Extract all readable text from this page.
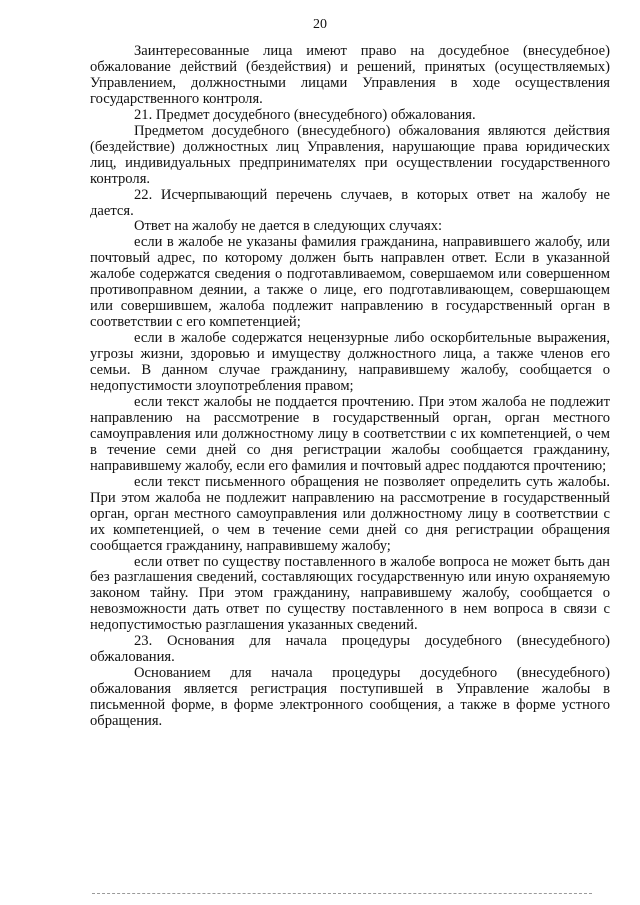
20

Заинтересованные лица имеют право на досудебное (внесудебное) обжалование действий (бездействия) и решений, принятых (осуществляемых) Управлением, должностными лицами Управления в ходе осуществления государственного контроля.

21. Предмет досудебного (внесудебного) обжалования.

Предметом досудебного (внесудебного) обжалования являются действия (бездействие) должностных лиц Управления, нарушающие права юридических лиц, индивидуальных предпринимателях при осуществлении государственного контроля.

22. Исчерпывающий перечень случаев, в которых ответ на жалобу не дается.

Ответ на жалобу не дается в следующих случаях:

если в жалобе не указаны фамилия гражданина, направившего жалобу, или почтовый адрес, по которому должен быть направлен ответ. Если в указанной жалобе содержатся сведения о подготавливаемом, совершаемом или совершенном противоправном деянии, а также о лице, его подготавливающем, совершающем или совершившем, жалоба подлежит направлению в государственный орган в соответствии с его компетенцией;

если в жалобе содержатся нецензурные либо оскорбительные выражения, угрозы жизни, здоровью и имуществу должностного лица, а также членов его семьи. В данном случае гражданину, направившему жалобу, сообщается о недопустимости злоупотребления правом;

если текст жалобы не поддается прочтению. При этом жалоба не подлежит направлению на рассмотрение в государственный орган, орган местного самоуправления или должностному лицу в соответствии с их компетенцией, о чем в течение семи дней со дня регистрации жалобы сообщается гражданину, направившему жалобу, если его фамилия и почтовый адрес поддаются прочтению;

если текст письменного обращения не позволяет определить суть жалобы. При этом жалоба не подлежит направлению на рассмотрение в государственный орган, орган местного самоуправления или должностному лицу в соответствии с их компетенцией, о чем в течение семи дней со дня регистрации обращения сообщается гражданину, направившему жалобу;

если ответ по существу поставленного в жалобе вопроса не может быть дан без разглашения сведений, составляющих государственную или иную охраняемую законом тайну. При этом гражданину, направившему жалобу, сообщается о невозможности дать ответ по существу поставленного в нем вопроса в связи с недопустимостью разглашения указанных сведений.

23. Основания для начала процедуры досудебного (внесудебного) обжалования.

Основанием для начала процедуры досудебного (внесудебного) обжалования является регистрация поступившей в Управление жалобы в письменной форме, в форме электронного сообщения, а также в форме устного обращения.
